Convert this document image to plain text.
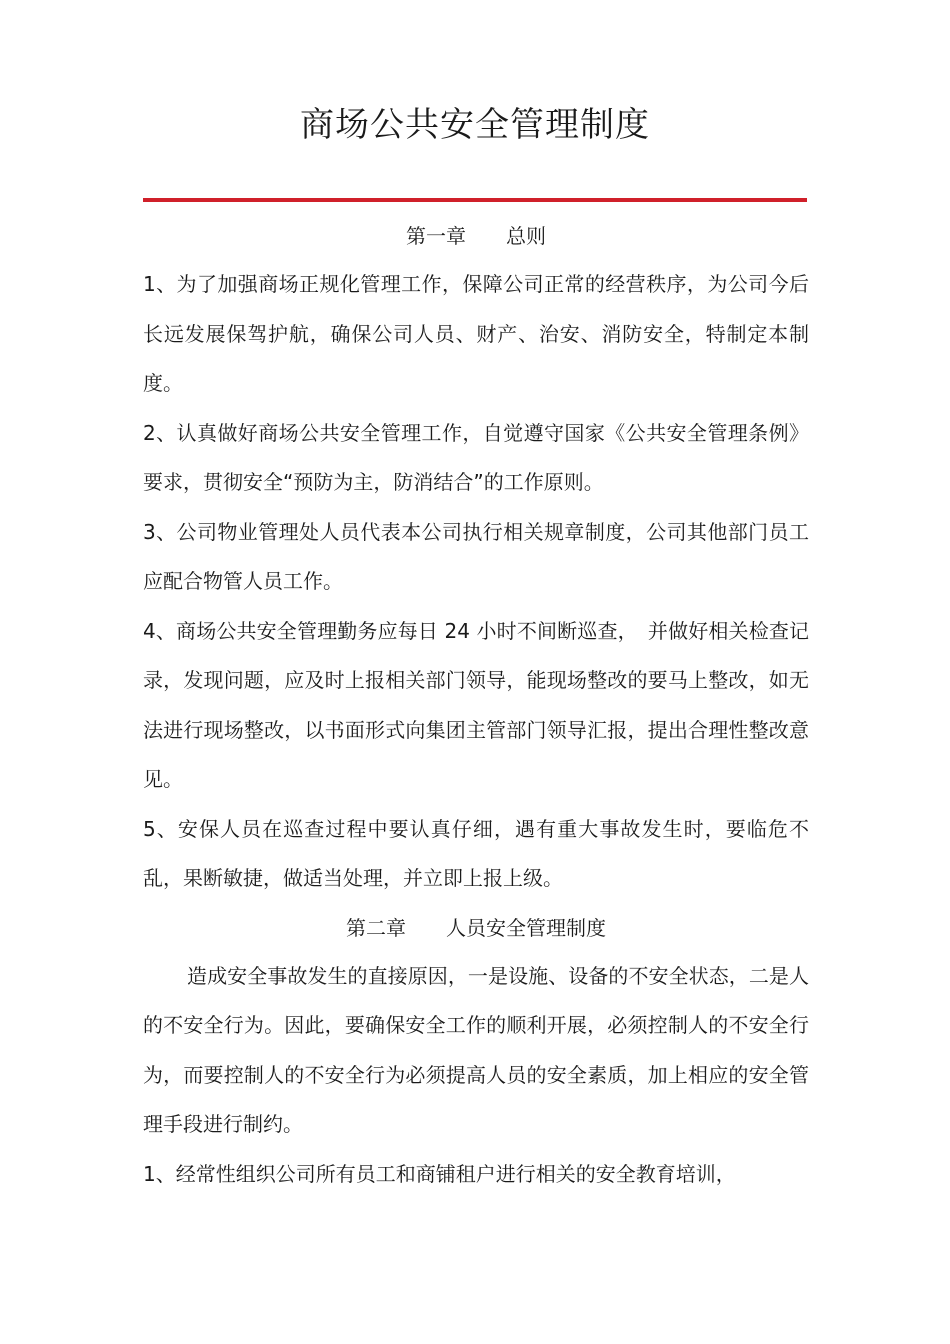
商场公共安全管理制度
第一章　　总则

1、为了加强商场正规化管理工作，保障公司正常的经营秩序，为公司今后长远发展保驾护航，确保公司人员、财产、治安、消防安全，特制定本制度。

2、认真做好商场公共安全管理工作，自觉遵守国家《公共安全管理条例》要求，贯彻安全“预防为主，防消结合”的工作原则。

3、公司物业管理处人员代表本公司执行相关规章制度，公司其他部门员工应配合物管人员工作。

4、商场公共安全管理勤务应每日 24 小时不间断巡查，　并做好相关检查记录，发现问题，应及时上报相关部门领导，能现场整改的要马上整改，如无法进行现场整改，以书面形式向集团主管部门领导汇报，提出合理性整改意见。

5、安保人员在巡查过程中要认真仔细，遇有重大事故发生时，要临危不乱，果断敏捷，做适当处理，并立即上报上级。

第二章　　人员安全管理制度

造成安全事故发生的直接原因，一是设施、设备的不安全状态，二是人的不安全行为。因此，要确保安全工作的顺利开展，必须控制人的不安全行为，而要控制人的不安全行为必须提高人员的安全素质，加上相应的安全管理手段进行制约。

1、经常性组织公司所有员工和商铺租户进行相关的安全教育培训，
